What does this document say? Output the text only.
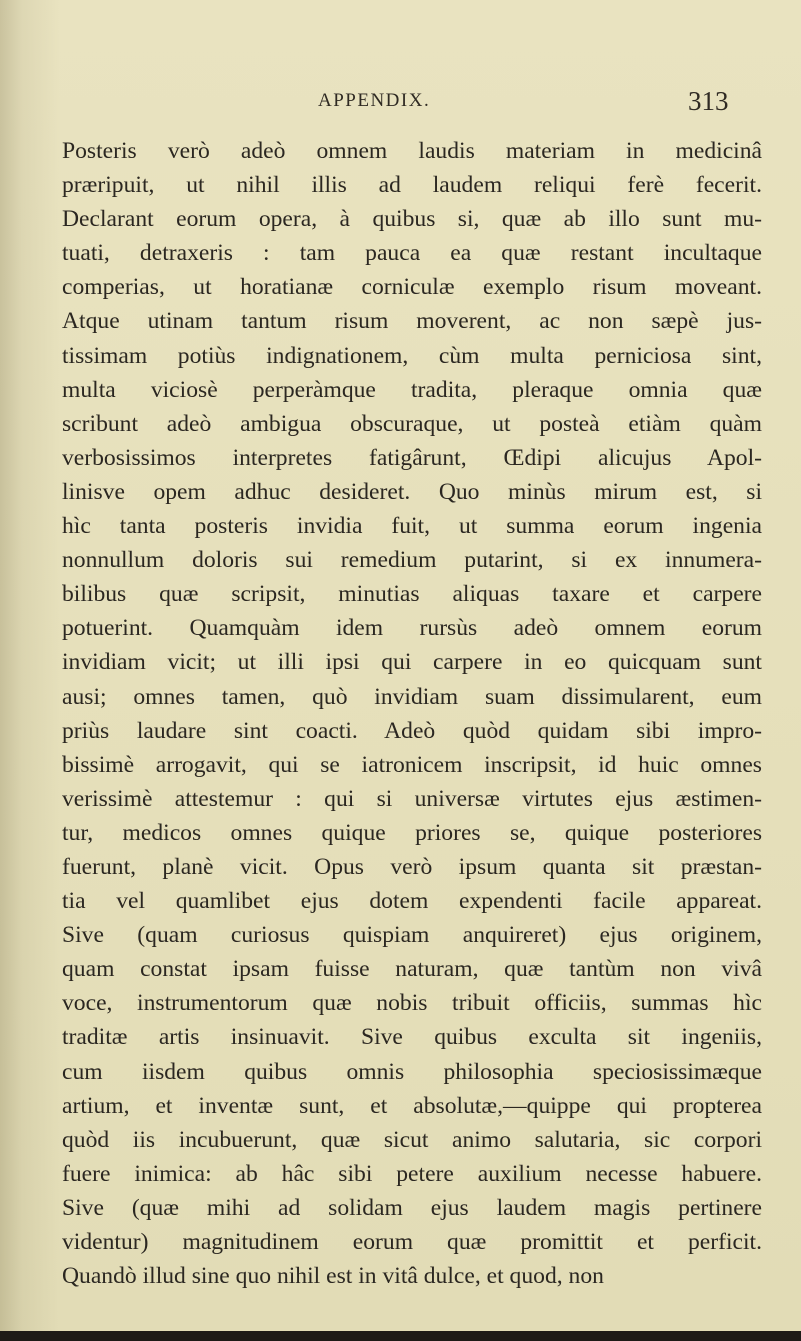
APPENDIX.	313
Posteris verò adeò omnem laudis materiam in medicinâ
præripuit, ut nihil illis ad laudem reliqui ferè fecerit.
Declarant eorum opera, à quibus si, quæ ab illo sunt mu-
tuati, detraxeris : tam pauca ea quæ restant incultaque
comperias, ut horatianæ corniculæ exemplo risum moveant.
Atque utinam tantum risum moverent, ac non sæpè jus-
tissimam potiùs indignationem, cùm multa perniciosa sint,
multa viciosè perperàmque tradita, pleraque omnia quæ
scribunt adeò ambigua obscuraque, ut posteà etiàm quàm
verbosissimos interpretes fatigârunt, Œdipi alicujus Apol-
linisve opem adhuc desideret. Quo minùs mirum est, si
hìc tanta posteris invidia fuit, ut summa eorum ingenia
nonnullum doloris sui remedium putarint, si ex innumera-
bilibus quæ scripsit, minutias aliquas taxare et carpere
potuerint. Quamquàm idem rursùs adeò omnem eorum
invidiam vicit; ut illi ipsi qui carpere in eo quicquam sunt
ausi; omnes tamen, quò invidiam suam dissimularent, eum
priùs laudare sint coacti. Adeò quòd quidam sibi impro-
bissimè arrogavit, qui se iatronicem inscripsit, id huic omnes
verissimè attestemur : qui si universæ virtutes ejus æstimen-
tur, medicos omnes quique priores se, quique posteriores
fuerunt, planè vicit. Opus verò ipsum quanta sit præstan-
tia vel quamlibet ejus dotem expendenti facile appareat.
Sive (quam curiosus quispiam anquireret) ejus originem,
quam constat ipsam fuisse naturam, quæ tantùm non vivâ
voce, instrumentorum quæ nobis tribuit officiis, summas hìc
traditæ artis insinuavit. Sive quibus exculta sit ingeniis,
cum iisdem quibus omnis philosophia speciosissimæque
artium, et inventæ sunt, et absolutæ,—quippe qui propterea
quòd iis incubuerunt, quæ sicut animo salutaria, sic corpori
fuere inimica: ab hâc sibi petere auxilium necesse habuere.
Sive (quæ mihi ad solidam ejus laudem magis pertinere
videntur) magnitudinem eorum quæ promittit et perficit.
Quandò illud sine quo nihil est in vitâ dulce, et quod, non
